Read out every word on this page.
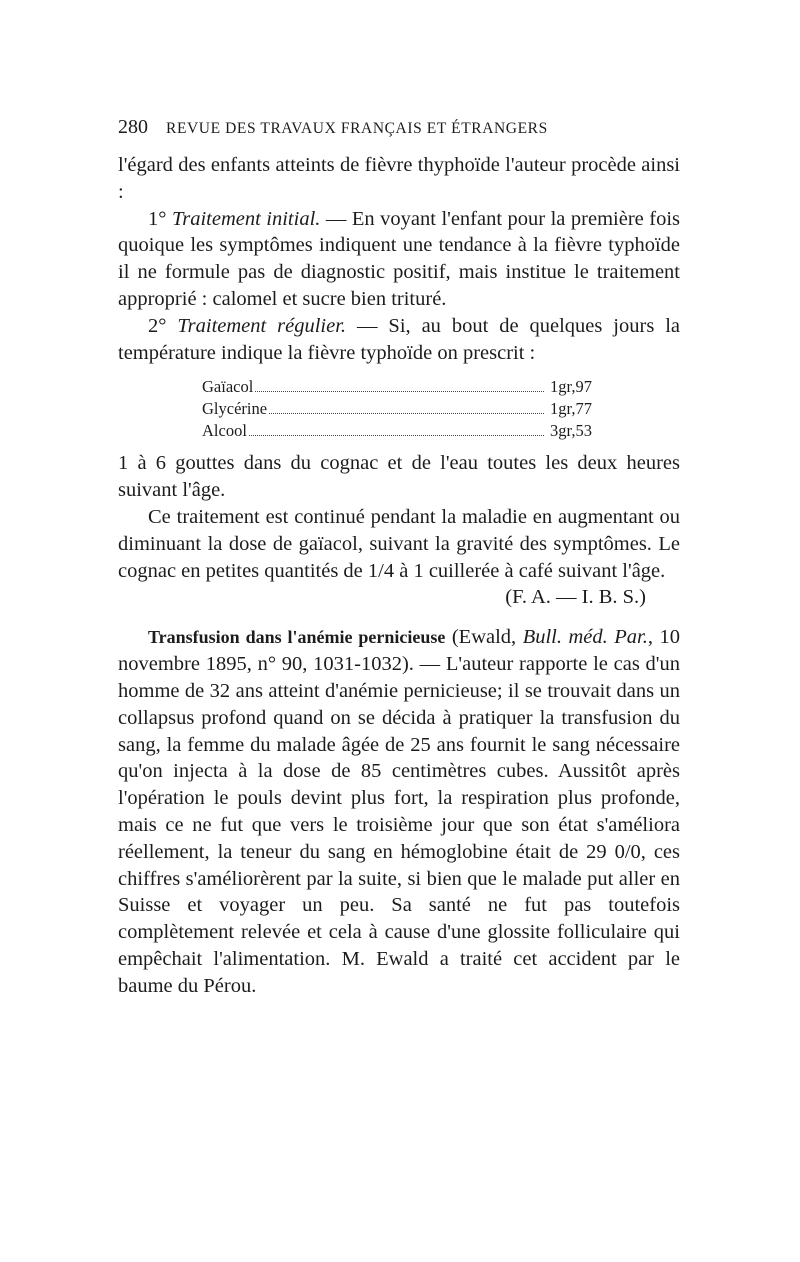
280 REVUE DES TRAVAUX FRANÇAIS ET ÉTRANGERS

l'égard des enfants atteints de fièvre thyphoïde l'auteur procède ainsi :

1° Traitement initial. — En voyant l'enfant pour la première fois quoique les symptômes indiquent une tendance à la fièvre typhoïde il ne formule pas de diagnostic positif, mais institue le traitement approprié : calomel et sucre bien trituré.

2° Traitement régulier. — Si, au bout de quelques jours la température indique la fièvre typhoïde on prescrit :

Gaïacol	1gr,97
Glycérine	1gr,77
Alcool	3gr,53

1 à 6 gouttes dans du cognac et de l'eau toutes les deux heures suivant l'âge.

Ce traitement est continué pendant la maladie en augmentant ou diminuant la dose de gaïacol, suivant la gravité des symptômes. Le cognac en petites quantités de 1/4 à 1 cuillerée à café suivant l'âge.
(F. A. — I. B. S.)

Transfusion dans l'anémie pernicieuse (Ewald, Bull. méd. Par., 10 novembre 1895, n° 90, 1031-1032). — L'auteur rapporte le cas d'un homme de 32 ans atteint d'anémie pernicieuse; il se trouvait dans un collapsus profond quand on se décida à pratiquer la transfusion du sang, la femme du malade âgée de 25 ans fournit le sang nécessaire qu'on injecta à la dose de 85 centimètres cubes. Aussitôt après l'opération le pouls devint plus fort, la respiration plus profonde, mais ce ne fut que vers le troisième jour que son état s'améliora réellement, la teneur du sang en hémoglobine était de 29 0/0, ces chiffres s'améliorèrent par la suite, si bien que le malade put aller en Suisse et voyager un peu. Sa santé ne fut pas toutefois complètement relevée et cela à cause d'une glossite folliculaire qui empêchait l'alimentation. M. Ewald a traité cet accident par le baume du Pérou.
